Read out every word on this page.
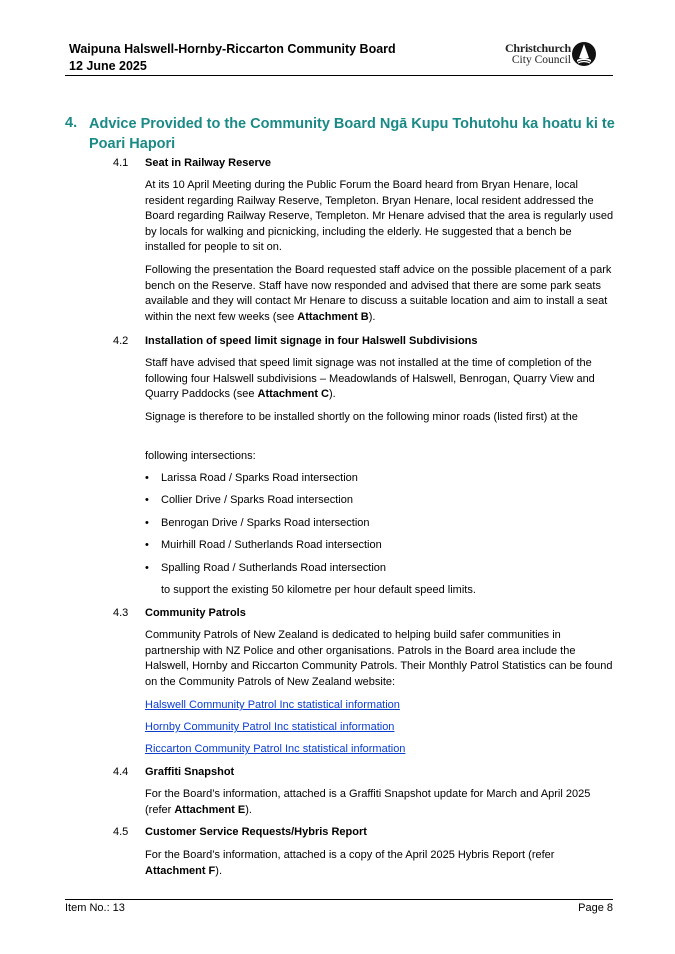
Waipuna Halswell-Hornby-Riccarton Community Board
12 June 2025
Christchurch
City Council
4. Advice Provided to the Community Board Ngā Kupu Tohutohu ka hoatu ki te Poari Hapori
4.1 Seat in Railway Reserve
At its 10 April Meeting during the Public Forum the Board heard from Bryan Henare, local resident regarding Railway Reserve, Templeton. Bryan Henare, local resident addressed the Board regarding Railway Reserve, Templeton. Mr Henare advised that the area is regularly used by locals for walking and picnicking, including the elderly. He suggested that a bench be installed for people to sit on.
Following the presentation the Board requested staff advice on the possible placement of a park bench on the Reserve. Staff have now responded and advised that there are some park seats available and they will contact Mr Henare to discuss a suitable location and aim to install a seat within the next few weeks (see Attachment B).
4.2 Installation of speed limit signage in four Halswell Subdivisions
Staff have advised that speed limit signage was not installed at the time of completion of the following four Halswell subdivisions – Meadowlands of Halswell, Benrogan, Quarry View and Quarry Paddocks (see Attachment C).
Signage is therefore to be installed shortly on the following minor roads (listed first) at the
following intersections:
• Larissa Road / Sparks Road intersection
• Collier Drive / Sparks Road intersection
• Benrogan Drive / Sparks Road intersection
• Muirhill Road / Sutherlands Road intersection
• Spalling Road / Sutherlands Road intersection
to support the existing 50 kilometre per hour default speed limits.
4.3 Community Patrols
Community Patrols of New Zealand is dedicated to helping build safer communities in partnership with NZ Police and other organisations. Patrols in the Board area include the Halswell, Hornby and Riccarton Community Patrols. Their Monthly Patrol Statistics can be found on the Community Patrols of New Zealand website:
Halswell Community Patrol Inc statistical information
Hornby Community Patrol Inc statistical information
Riccarton Community Patrol Inc statistical information
4.4 Graffiti Snapshot
For the Board’s information, attached is a Graffiti Snapshot update for March and April 2025 (refer Attachment E).
4.5 Customer Service Requests/Hybris Report
For the Board’s information, attached is a copy of the April 2025 Hybris Report (refer Attachment F).
Item No.: 13	Page 8
